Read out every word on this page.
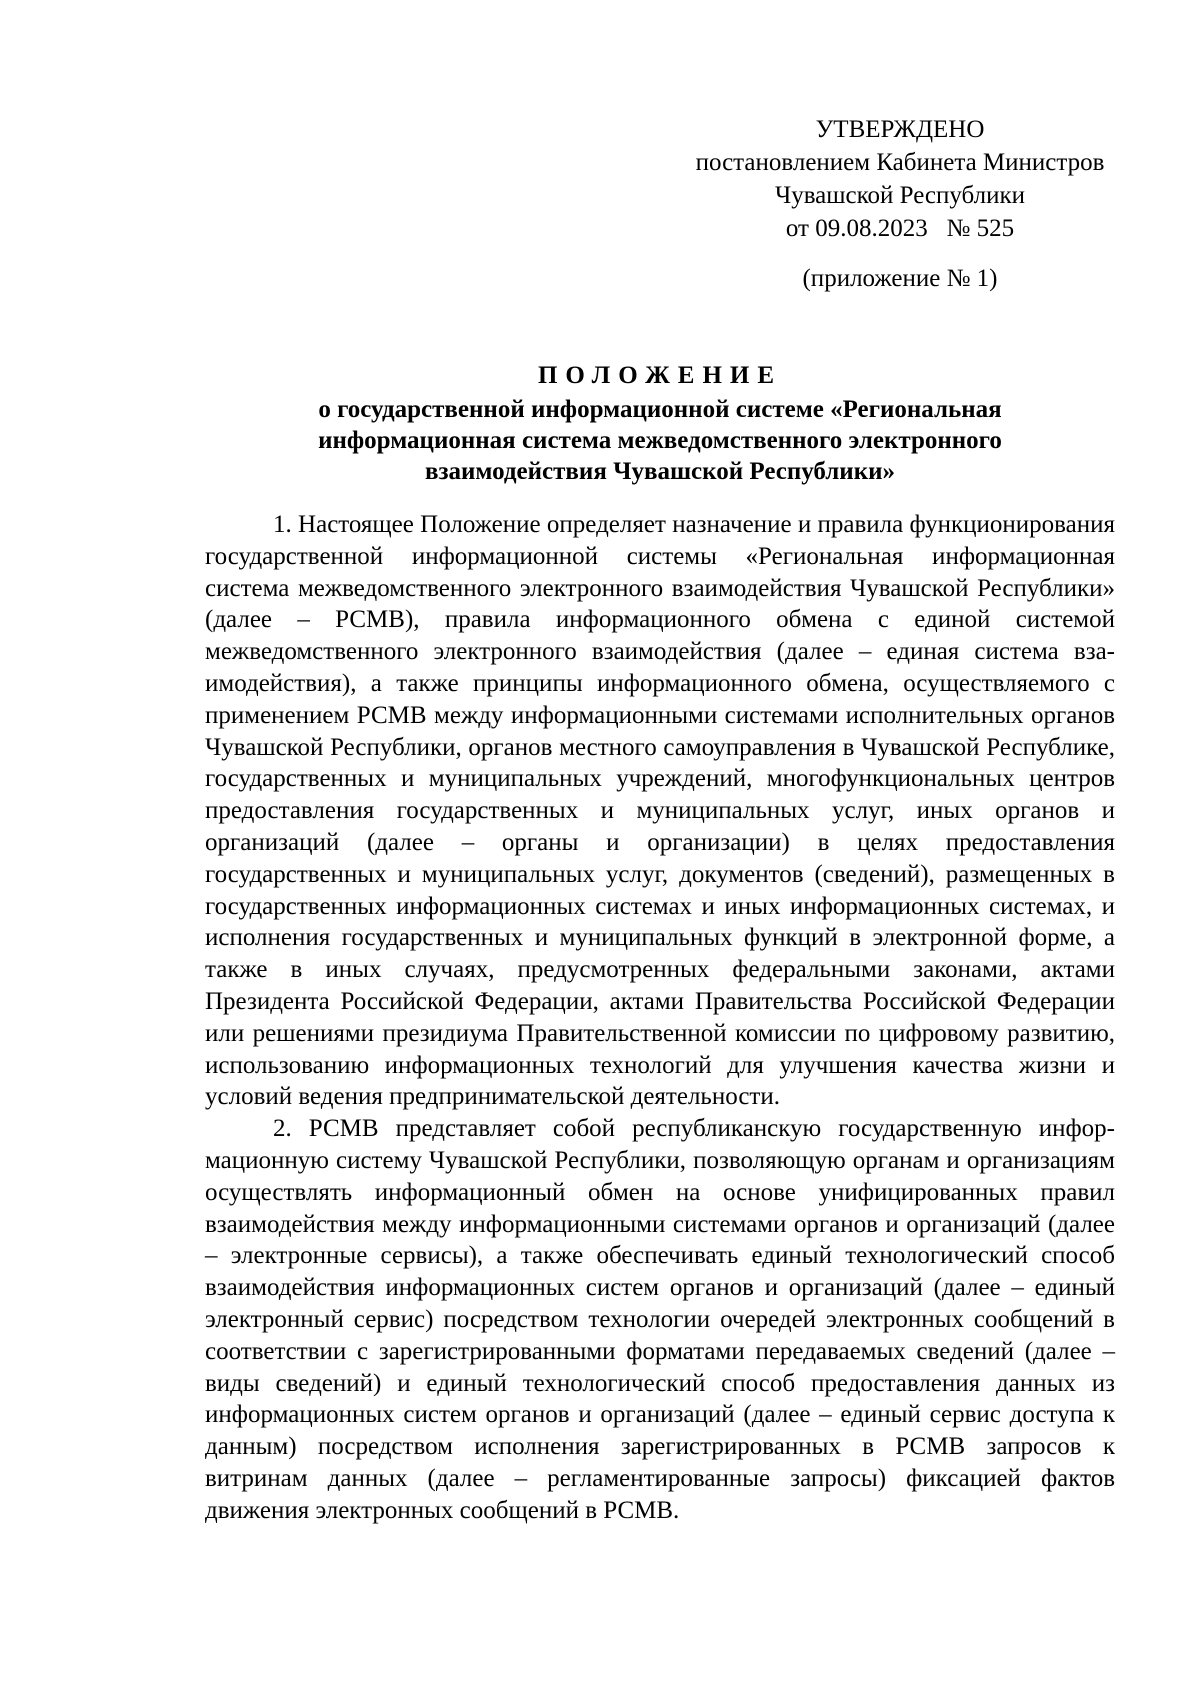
УТВЕРЖДЕНО
постановлением Кабинета Министров
Чувашской Республики
от 09.08.2023   № 525
(приложение № 1)
ПОЛОЖЕНИЕ
о государственной информационной системе «Региональная
информационная система межведомственного электронного
взаимодействия Чувашской Республики»

1. Настоящее Положение определяет назначение и правила функционирования государственной информационной системы «Региональная информационная система межведомственного электронного взаимодействия Чувашской Республики» (далее – РСМВ), правила информационного обмена с единой системой межведомственного электронного взаимодействия (далее – единая система взаимодействия), а также принципы информационного обмена, осуществляемого с применением РСМВ между информационными системами исполнительных органов Чувашской Республики, органов местного самоуправления в Чувашской Республике, государственных и муниципальных учреждений, многофункциональных центров предоставления государственных и муниципальных услуг, иных органов и организаций (далее – органы и организации) в целях предоставления государственных и муниципальных услуг, документов (сведений), размещенных в государственных информационных системах и иных информационных системах, и исполнения государственных и муниципальных функций в электронной форме, а также в иных случаях, предусмотренных федеральными законами, актами Президента Российской Федерации, актами Правительства Российской Федерации или решениями президиума Правительственной комиссии по цифровому развитию, использованию информационных технологий для улучшения качества жизни и условий ведения предпринимательской деятельности.

2. РСМВ представляет собой республиканскую государственную информационную систему Чувашской Республики, позволяющую органам и организациям осуществлять информационный обмен на основе унифицированных правил взаимодействия между информационными системами органов и организаций (далее – электронные сервисы), а также обеспечивать единый технологический способ взаимодействия информационных систем органов и организаций (далее – единый электронный сервис) посредством технологии очередей электронных сообщений в соответствии с зарегистрированными форматами передаваемых сведений (далее – виды сведений) и единый технологический способ предоставления данных из информационных систем органов и организаций (далее – единый сервис доступа к данным) посредством исполнения зарегистрированных в РСМВ запросов к витринам данных (далее – регламентированные запросы) фиксацией фактов движения электронных сообщений в РСМВ.
